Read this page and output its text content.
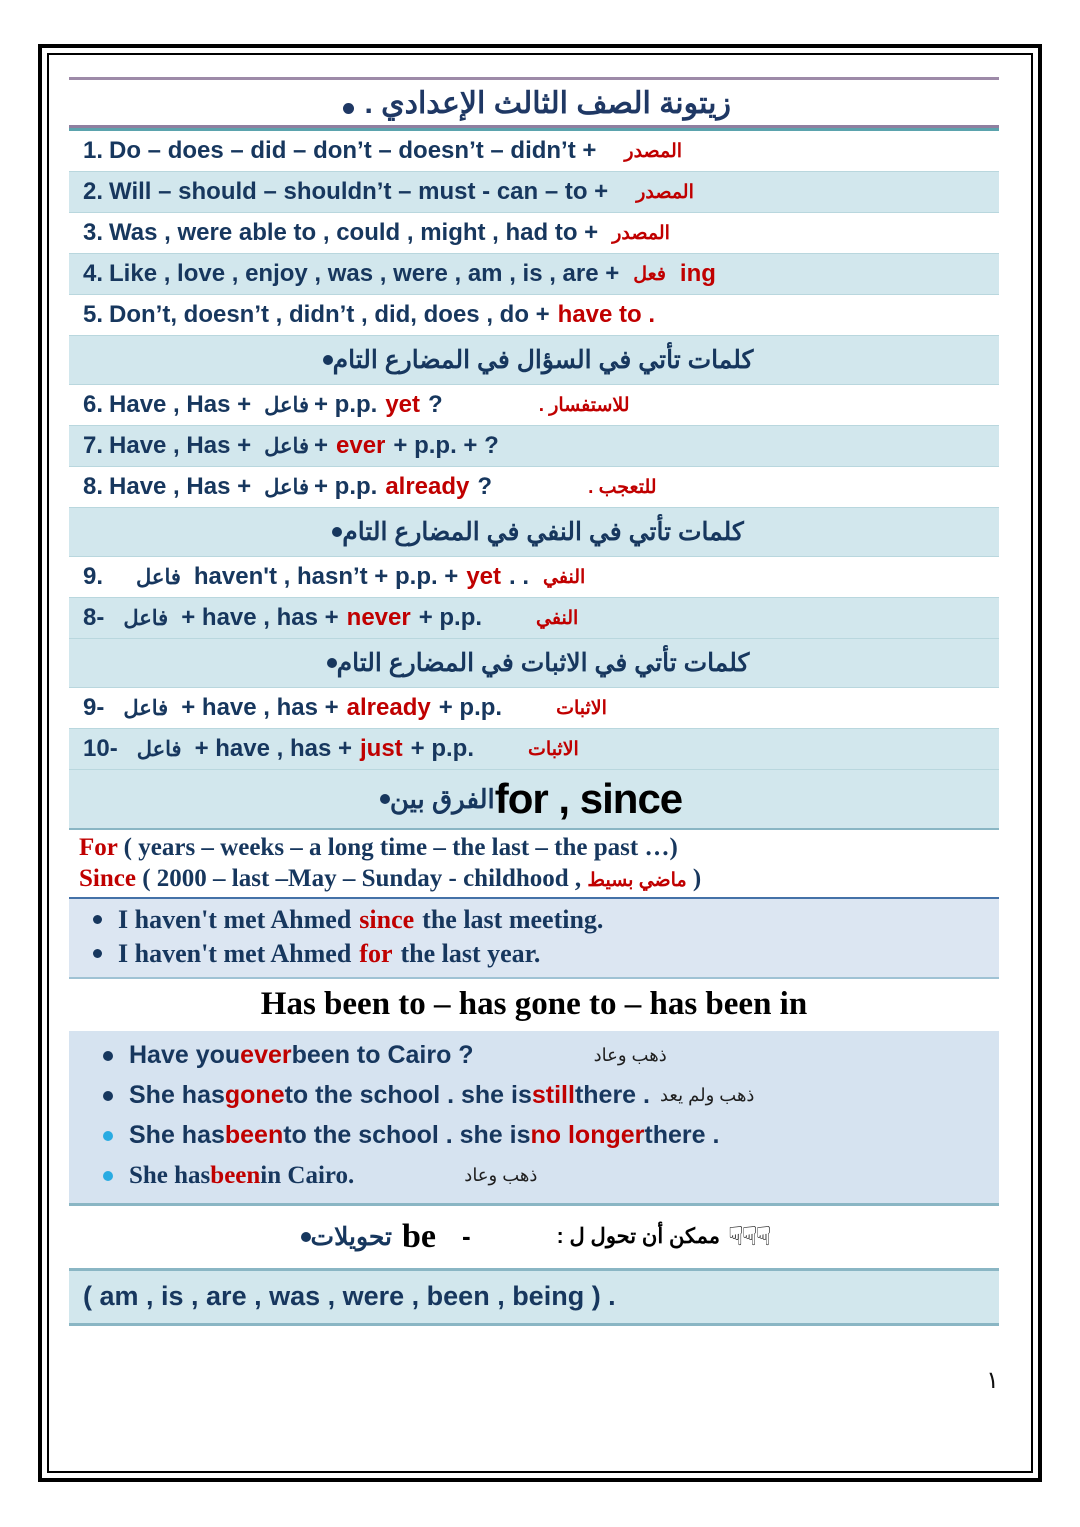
زيتونة الصف الثالث الإعدادي .
1. Do – does – did – don’t – doesn’t – didn’t + المصدر
2. Will – should – shouldn’t – must - can – to + المصدر
3. Was , were able to , could , might , had to + المصدر
4. Like , love , enjoy , was , were , am , is , are + فعل ing
5. Don’t, doesn’t , didn’t , did, does , do + have to .
كلمات تأتي في السؤال في المضارع التام
6. Have , Has + فاعل + p.p. yet ?	للاستفسار .
7. Have , Has + فاعل + ever + p.p. + ?
8. Have , Has + فاعل + p.p. already ?	للتعجب .
كلمات تأتي في النفي في المضارع التام
9. فاعل haven't , hasn’t + p.p. + yet . . النفي
8- فاعل + have , has + never + p.p.	النفي
كلمات تأتي في الاثبات في المضارع التام
9- فاعل + have , has + already + p.p.	الاثبات
10- فاعل + have , has + just + p.p.	الاثبات
for , since
الفرق بين
For ( years – weeks – a long time – the last – the past …)
Since ( 2000 – last –May – Sunday - childhood , ماضي بسيط )
I haven't met Ahmed since the last meeting.
I haven't met Ahmed for the last year.
Has been to – has gone to – has been in
Have you ever been to Cairo ?	ذهب وعاد
She has gone to the school . she is still there . ذهب ولم يعد
She has been to the school . she is no longer there .
She has been in Cairo.	ذهب وعاد
☟☟☟
ممكن أن تحول ل :
-
be
تحويلات
( am , is , are , was , were , been , being ) .
١
